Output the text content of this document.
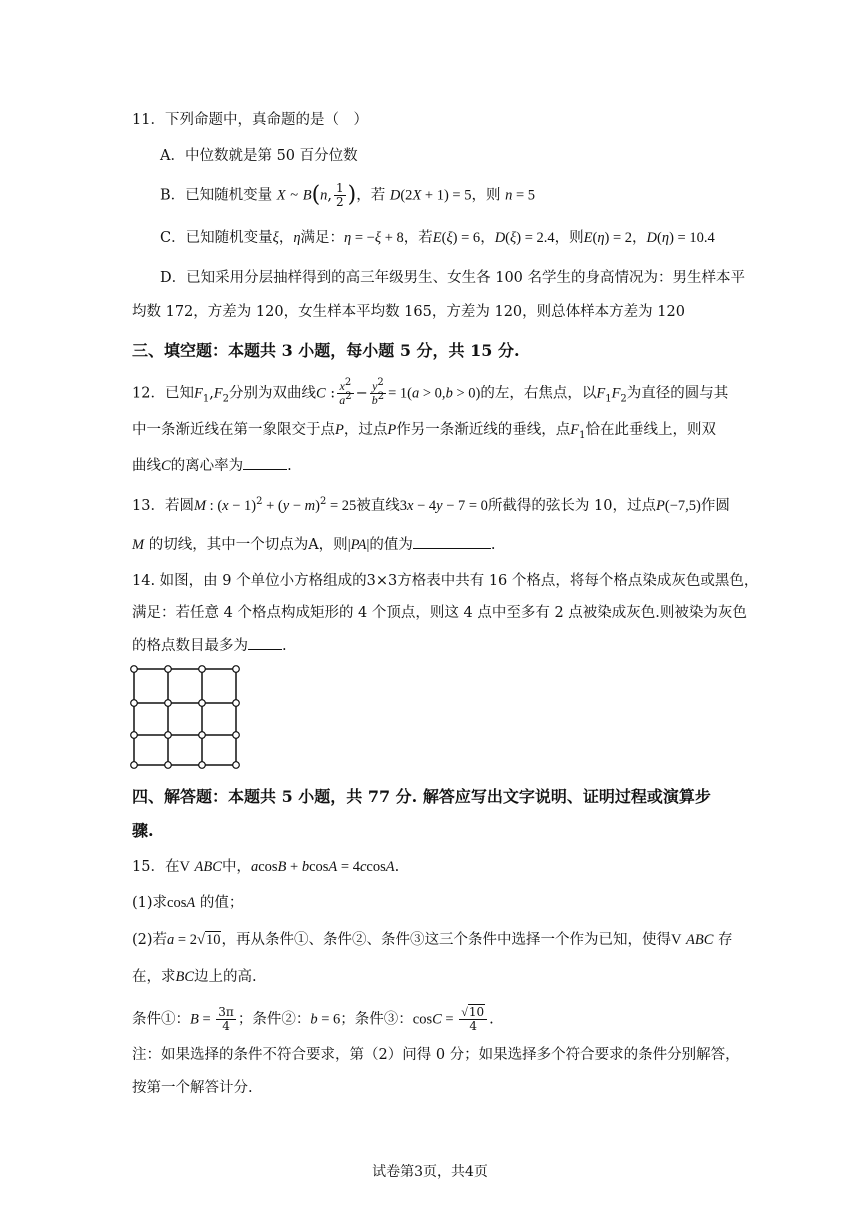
11．下列命题中，真命题的是（　）
A．中位数就是第 50 百分位数
B．已知随机变量 X ~ B(n, $\frac{1}{2}$ )，若 D(2X + 1) = 5，则 n = 5
C．已知随机变量ξ，η满足：η = −ξ + 8，若E(ξ) = 6，D(ξ) = 2.4，则E(η) = 2，D(η) = 10.4
D．已知采用分层抽样得到的高三年级男生、女生各 100 名学生的身高情况为：男生样本平
均数 172，方差为 120，女生样本平均数 165，方差为 120，则总体样本方差为 120
三、填空题：本题共 3 小题，每小题 5 分，共 15 分.
12．已知$F_1,F_2$分别为双曲线C : $\frac{x^2}{a^2} - \frac{y^2}{b^2} = 1(a > 0,b > 0)$的左，右焦点，以$F_1F_2$为直径的圆与其
中一条渐近线在第一象限交于点P，过点P作另一条渐近线的垂线，点$F_1$恰在此垂线上，则双
曲线C的离心率为	.
13．若圆M : $(x - 1)^2 + (y - m)^2 = 25$被直线3x − 4y − 7 = 0所截得的弦长为 10，过点P(−7,5)作圆
M 的切线，其中一个切点为A，则|PA|的值为	.
14. 如图，由 9 个单位小方格组成的3×3方格表中共有 16 个格点，将每个格点染成灰色或黑色，
满足：若任意 4 个格点构成矩形的 4 个顶点，则这 4 点中至多有 2 点被染成灰色.则被染为灰色
的格点数目最多为 .
四、解答题：本题共 5 小题，共 77 分. 解答应写出文字说明、证明过程或演算步
骤.
15．在V ABC中，acosB + bcosA = 4ccosA.
(1)求cosA 的值；
(2)若a = 2√10，再从条件①、条件②、条件③这三个条件中选择一个作为已知，使得V ABC 存
在，求BC边上的高.
条件①：$B = \frac{3\pi}{4}$ ；条件②：b = 6；条件③：$\cos C = \frac{√10}{4}$ .
注：如果选择的条件不符合要求，第（2）问得 0 分；如果选择多个符合要求的条件分别解答，
按第一个解答计分.
试卷第3页，共4页
